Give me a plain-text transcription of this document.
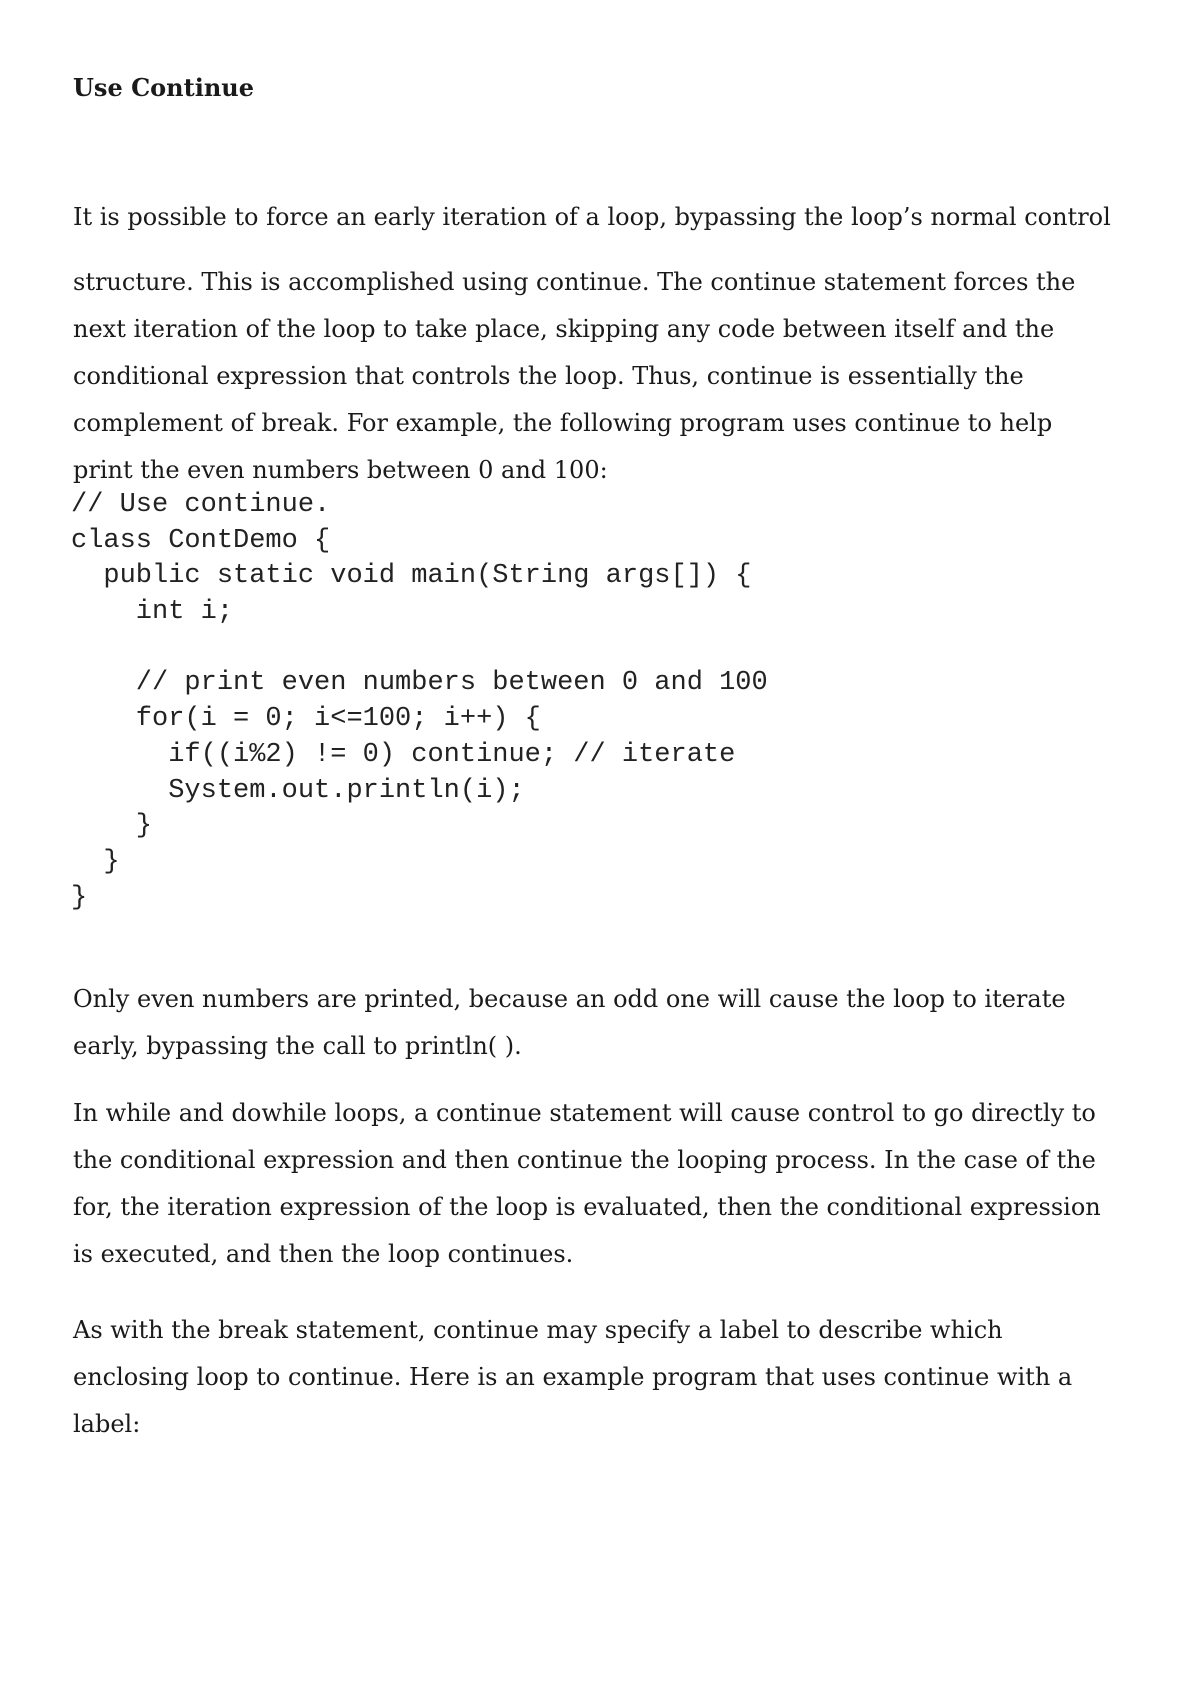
Use Continue

It is possible to force an early iteration of a loop, bypassing the loop’s normal control
structure. This is accomplished using continue. The continue statement forces the
next iteration of the loop to take place, skipping any code between itself and the
conditional expression that controls the loop. Thus, continue is essentially the
complement of break. For example, the following program uses continue to help
print the even numbers between 0 and 100:

// Use continue.
class ContDemo {
public static void main(String args[]) {
int i;
// print even numbers between 0 and 100
for(i = 0; i<=100; i++) {
if((i%2) != 0) continue; // iterate
System.out.println(i);
}
}
}

Only even numbers are printed, because an odd one will cause the loop to iterate
early, bypassing the call to println( ).

In while and dowhile loops, a continue statement will cause control to go directly to
the conditional expression and then continue the looping process. In the case of the
for, the iteration expression of the loop is evaluated, then the conditional expression
is executed, and then the loop continues.

As with the break statement, continue may specify a label to describe which
enclosing loop to continue. Here is an example program that uses continue with a
label:
